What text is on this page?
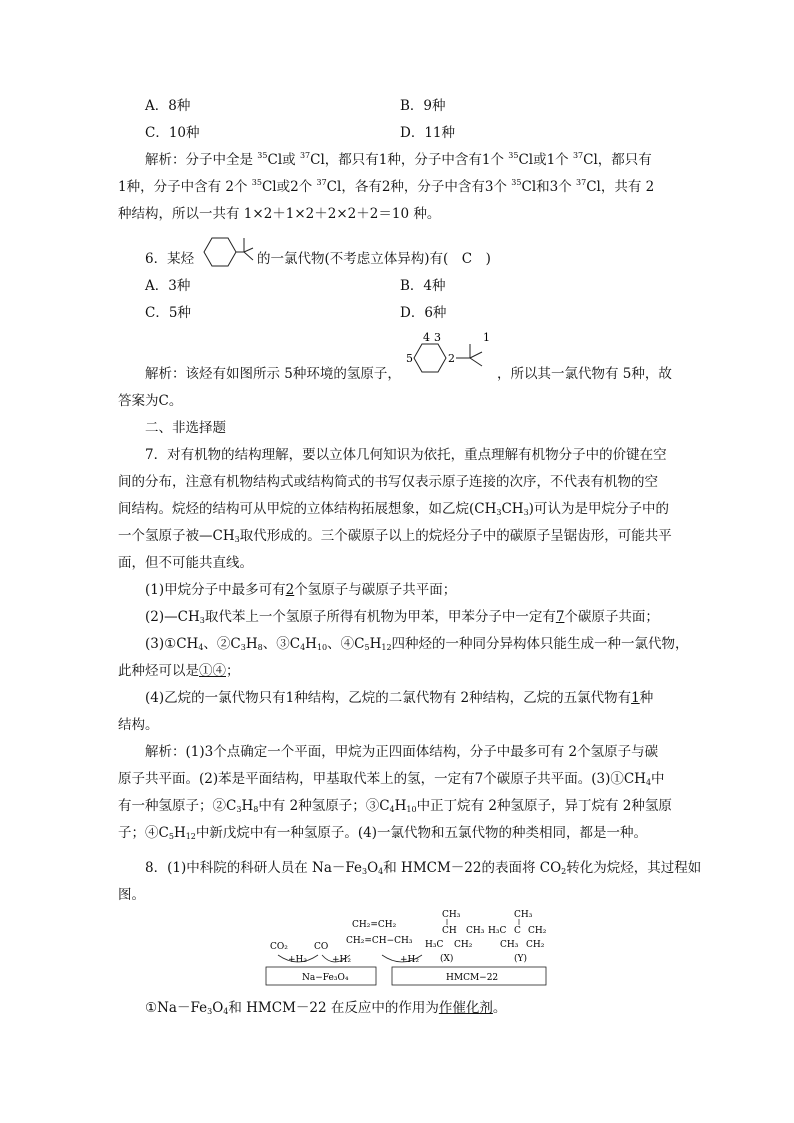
A．8种	B．9种
C．10种	D．11种
解析：分子中全是 $^{35}$Cl或 $^{37}$Cl，都只有1种，分子中含有1个 $^{35}$Cl或1个 $^{37}$Cl，都只有
1种，分子中含有 2个 $^{35}$Cl或2个 $^{37}$Cl，各有2种，分子中含有3个 $^{35}$Cl和3个 $^{37}$Cl，共有 2
种结构，所以一共有 1×2＋1×2＋2×2＋2＝10 种。
6．某烃	的一氯代物(不考虑立体异构)有(　C　)
A．3种	B．4种
C．5种	D．6种
解析：该烃有如图所示 5种环境的氢原子，
4 3	1
5	2
，所以其一氯代物有 5种，故
答案为C。
二、非选择题
7．对有机物的结构理解，要以立体几何知识为依托，重点理解有机物分子中的价键在空
间的分布，注意有机物结构式或结构简式的书写仅表示原子连接的次序，不代表有机物的空
间结构。烷烃的结构可从甲烷的立体结构拓展想象，如乙烷$(CH_3CH_3)$可认为是甲烷分子中的
一个氢原子被$—CH_3$取代形成的。三个碳原子以上的烷烃分子中的碳原子呈锯齿形，可能共平
面，但不可能共直线。
(1)甲烷分子中最多可有2个氢原子与碳原子共平面；
$(2)—CH_3$取代苯上一个氢原子所得有机物为甲苯，甲苯分子中一定有7个碳原子共面；
$(3)①CH_4$、$②C_3H_8$、$③C_4H_{10}$、$④C_5H_{12}$四种烃的一种同分异构体只能生成一种一氯代物，
此种烃可以是①④；
(4)乙烷的一氯代物只有1种结构，乙烷的二氯代物有 2种结构，乙烷的五氯代物有1种
结构。
解析：(1)3个点确定一个平面，甲烷为正四面体结构，分子中最多可有 2个氢原子与碳
原子共平面。(2)苯是平面结构，甲基取代苯上的氢，一定有7个碳原子共平面。$(3)①CH_4$中
有一种氢原子；$②C_3H_8$中有 2种氢原子；$③C_4H_{10}$中正丁烷有 2种氢原子，异丁烷有 2种氢原
子；$④C_5H_{12}$中新戊烷中有一种氢原子。(4)一氯代物和五氯代物的种类相同，都是一种。
8．(1)中科院的科研人员在 $Na-Fe_3O_4$和 HMCM－22的表面将 $CO_2$转化为烷烃，其过程如
图。
CO₂	CO
+H₂	+H₂	+H₂
CH₂=CH₂
CH₂=CH−CH₃
CH₃
CH CH₃
H₃C CH₂
(X)
CH₃
H₃C C CH₂
CH₃ CH₂
(Y)
Na−Fe₃O₄	HMCM−22
$①Na-Fe_3O_4$和 HMCM－22 在反应中的作用为作催化剂。
